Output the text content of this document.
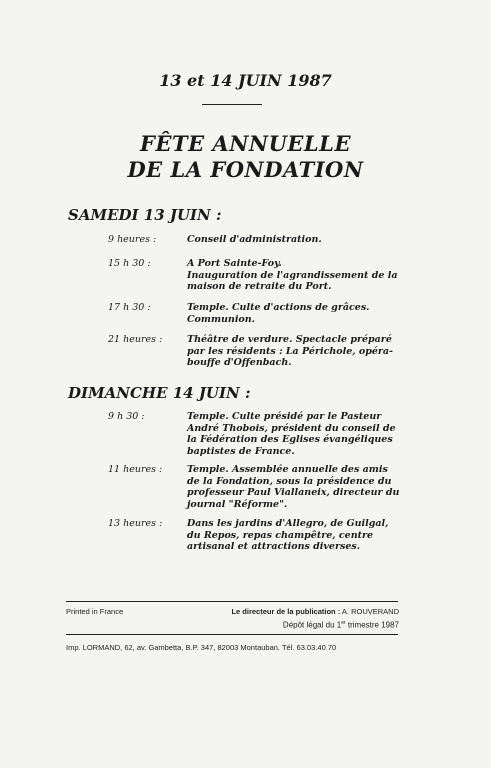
13 et 14 JUIN 1987
FÊTE ANNUELLE
DE LA FONDATION
SAMEDI 13 JUIN :
9 heures :	Conseil d'administration.
15 h 30 :	A Port Sainte-Foy.
Inauguration de l'agrandissement de la
maison de retraite du Port.
17 h 30 :	Temple. Culte d'actions de grâces.
Communion.
21 heures :	Théâtre de verdure. Spectacle préparé
par les résidents : La Périchole, opéra-
bouffe d'Offenbach.
DIMANCHE 14 JUIN :
9 h 30 :	Temple. Culte présidé par le Pasteur
André Thobois, président du conseil de
la Fédération des Eglises évangéliques
baptistes de France.
11 heures :	Temple. Assemblée annuelle des amis
de la Fondation, sous la présidence du
professeur Paul Viallaneix, directeur du
journal "Réforme".
13 heures :	Dans les jardins d'Allegro, de Guilgal,
du Repos, repas champêtre, centre
artisanal et attractions diverses.
Printed in France	Le directeur de la publication : A. ROUVERAND
Dépôt légal du 1er trimestre 1987
Imp. LORMAND, 62, av. Gambetta, B.P. 347, 82003 Montauban. Tél. 63.03.40 70
